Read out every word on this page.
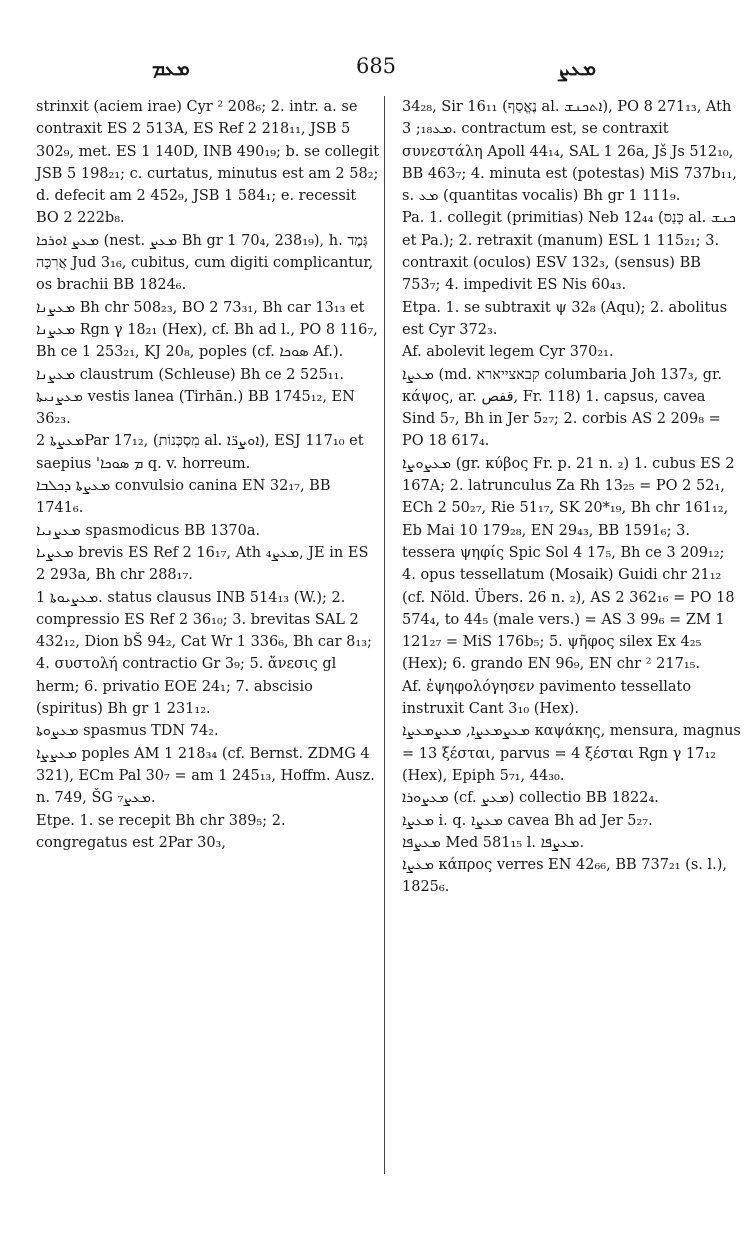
ܡܥܡ	685	ܡܥܨ

strinxit (aciem irae) Cyr ² 208₆; 2. intr. a. se contraxit ES 2 513A, ES Ref 2 218₁₁, JSB 5 302₉, met. ES 1 140D, INB 490₁₉; b. se collegit JSB 5 198₂₁; c. curtatus, minutus est am 2 58₂; d. defecit am 2 452₉, JSB 1 584₁; e. recessit BO 2 222b₈.

ܡܥܨ ܐܘܪܟܐ (nest. ܡܥܨ Bh gr 1 70₄, 238₁₉), h. גְּמֶד אֲרִכָּה Jud 3₁₆, cubitus, cum digiti complicantur, os brachii BB 1824₆.

ܡܥܨܢܐ Bh chr 508₂₃, BO 2 73₃₁, Bh car 13₁₃ et ܡܥܨܢܐ Rgn γ 18₂₁ (Hex), cf. Bh ad l., PO 8 116₇, Bh ce 1 253₂₁, KJ 20₈, poples (cf. ܣܘܟܐ Af.).

ܡܥܨܢܐ claustrum (Schleuse) Bh ce 2 525₁₁.

ܡܥܨܢܝܬܐ vestis lanea (Tirhān.) BB 1745₁₂, EN 36₂₃.

ܡܥܨܬܐ 2Par 17₁₂, (מִסְכְּנוֹת al. ܐܘܨܪ̈ܐ), ESJ 117₁₀ et saepius 'ܡ ܣܘܟܐ q. v. horreum.

ܡܥܨܬܐ ܕܟܠܒܐ convulsio canina EN 32₁₇, BB 1741₆.

ܡܥܨܢܝܐ spasmodicus BB 1370a.

ܡܥܨܝܐ brevis ES Ref 2 16₁₇, Ath ܡܥܨ₄, JE in ES 2 293a, Bh chr 288₁₇.

ܡܥܨܝܘܬܐ 1. status clausus INB 514₁₃ (W.); 2. compressio ES Ref 2 36₁₀; 3. brevitas SAL 2 432₁₂, Dion bŠ 94₂, Cat Wr 1 336₆, Bh car 8₁₃; 4. συστολή contractio Gr 3₉; 5. ἄνεσις gl herm; 6. privatio EOE 24₁; 7. abscisio (spiritus) Bh gr 1 231₁₂.

ܡܥܨܘܬܐ spasmus TDN 74₂.

ܡܥܨܨܐ poples AM 1 218₃₄ (cf. Bernst. ZDMG 4 321), ECm Pal 30₇ = am 1 245₁₃, Hoffm. Ausz. n. 749, ŠG ܡܥܨ₇.

Etpe. 1. se recepit Bh chr 389₅; 2. congregatus est 2Par 30₃,

34₂₈, Sir 16₁₁ (נֶאֱסַף al. ܐܬܟܢܫ), PO 8 271₁₃, Ath ܡܥ₁₈; 3. contractum est, se contraxit συνεστάλη Apoll 44₁₄, SAL 1 26a, Jš Js 512₁₀, BB 463₇; 4. minuta est (potestas) MiS 737b₁₁, s. ܡܥ (quantitas vocalis) Bh gr 1 111₉.

Pa. 1. collegit (primitias) Neb 12₄₄ (כָּנַס al. ܟܢܫ et Pa.); 2. retraxit (manum) ESL 1 115₂₁; 3. contraxit (oculos) ESV 132₃, (sensus) BB 753₇; 4. impedivit ES Nis 60₄₃.

Etpa. 1. se subtraxit ψ 32₈ (Aqu); 2. abolitus est Cyr 372₃.

Af. abolevit legem Cyr 370₂₁.

ܡܥܨܐ (md. קבאצייארא columbaria Joh 137₃, gr. κάψος, ar. قفص, Fr. 118) 1. capsus, cavea Sind 5₇, Bh in Jer 5₂₇; 2. corbis AS 2 209₈ = PO 18 617₄.

ܡܥܨܘܨܐ (gr. κύβος Fr. p. 21 n. ₂) 1. cubus ES 2 167A; 2. latrunculus Za Rh 13₂₅ = PO 2 52₁, ECh 2 50₂₇, Rie 51₁₇, SK 20*₁₉, Bh chr 161₁₂, Eb Mai 10 179₂₈, EN 29₄₃, BB 1591₆; 3. tessera ψηφίς Spic Sol 4 17₅, Bh ce 3 209₁₂; 4. opus tessellatum (Mosaik) Guidi chr 21₁₂ (cf. Nöld. Übers. 26 n. ₂), AS 2 362₁₆ = PO 18 574₄, to 44₅ (male vers.) = AS 3 99₆ = ZM 1 121₂₇ = MiS 176b₅; 5. ψῆφος silex Ex 4₂₅ (Hex); 6. grando EN 96₉, EN chr ² 217₁₅.

Af. ἐψηφολόγησεν pavimento tessellato instruxit Cant 3₁₀ (Hex).

ܡܥܨܡܥܨܐ, ܡܥܨܡܥܨܐ καψάκης, mensura, magnus = 13 ξέσται, parvus = 4 ξέσται Rgn γ 17₁₂ (Hex), Epiph 5₇₁, 44₃₀.

ܡܥܨܘܪܐ (cf. ܡܥܨ) collectio BB 1822₄.

ܡܥܨܐ i. q. ܡܥܨܐ cavea Bh ad Jer 5₂₇.

ܡܥܨܦܐ Med 581₁₅ l. ܡܥܨܦܐ.

ܡܥܨܐ κάπρος verres EN 42₆₆, BB 737₂₁ (s. l.), 1825₆.
